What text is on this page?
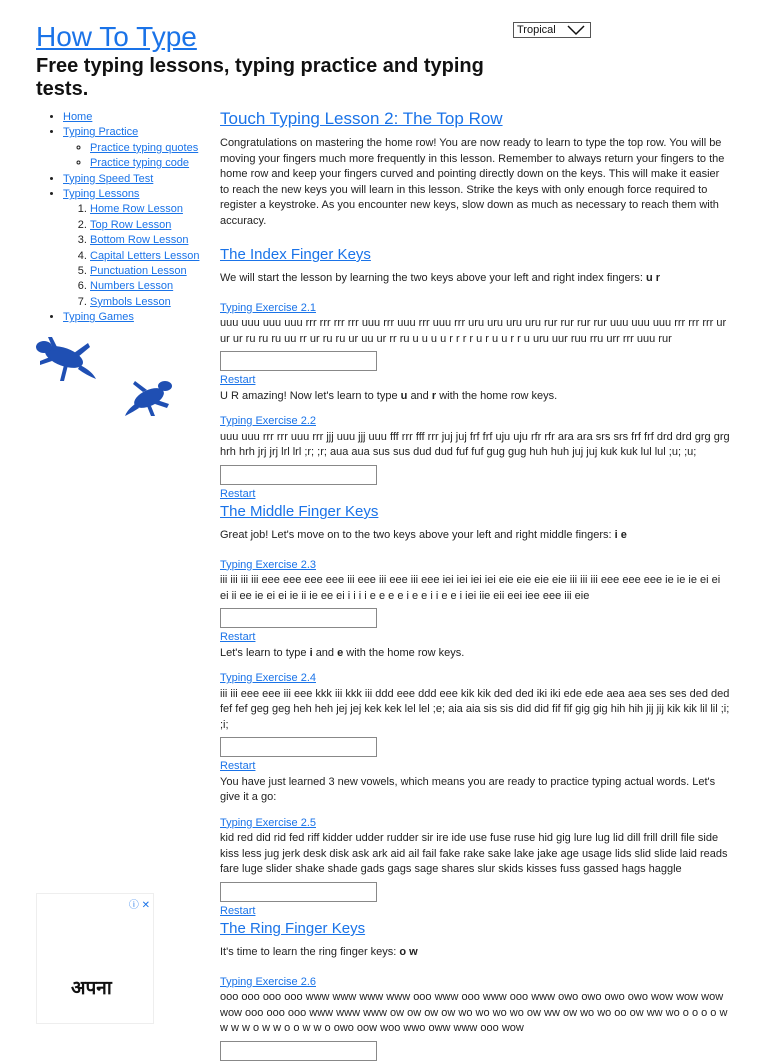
How To Type

Free typing lessons, typing practice and typing tests.

Tropical
• Home
• Typing Practice
◦ Practice typing quotes
◦ Practice typing code
• Typing Speed Test
• Typing Lessons
1. Home Row Lesson
2. Top Row Lesson
3. Bottom Row Lesson
4. Capital Letters Lesson
5. Punctuation Lesson
6. Numbers Lesson
7. Symbols Lesson
• Typing Games
ⓘ ✕
अपना
Touch Typing Lesson 2: The Top Row

Congratulations on mastering the home row! You are now ready to learn to type the top row. You will be moving your fingers much more frequently in this lesson. Remember to always return your fingers to the home row and keep your fingers curved and pointing directly down on the keys. This will make it easier to reach the new keys you will learn in this lesson. Strike the keys with only enough force required to register a keystroke. As you encounter new keys, slow down as much as necessary to reach them with accuracy.

The Index Finger Keys

We will start the lesson by learning the two keys above your left and right index fingers: u r

Typing Exercise 2.1
uuu uuu uuu uuu rrr rrr rrr rrr uuu rrr uuu rrr uuu rrr uru uru uru uru rur rur rur rur uuu uuu uuu rrr rrr rrr ur ur ur ru ru ru uu rr ur ru ru ur uu ur rr ru u u u u r r r r u r u u r r u uru uur ruu rru urr rrr uuu rur
Restart

U R amazing! Now let's learn to type u and r with the home row keys.

Typing Exercise 2.2
uuu uuu rrr rrr uuu rrr jjj uuu jjj uuu fff rrr fff rrr juj juj frf frf uju uju rfr rfr ara ara srs srs frf frf drd drd grg grg hrh hrh jrj jrj lrl lrl ;r; ;r; aua aua sus sus dud dud fuf fuf gug gug huh huh juj juj kuk kuk lul lul ;u; ;u;
Restart
The Middle Finger Keys

Great job! Let's move on to the two keys above your left and right middle fingers: i e

Typing Exercise 2.3
iii iii iii iii eee eee eee eee iii eee iii eee iii eee iei iei iei iei eie eie eie eie iii iii iii eee eee eee ie ie ie ei ei ei ii ee ie ei ei ie ii ie ee ei i i i i e e e e i e e i i e e i iei iie eii eei iee eee iii eie
Restart

Let's learn to type i and e with the home row keys.

Typing Exercise 2.4
iii iii eee eee iii eee kkk iii kkk iii ddd eee ddd eee kik kik ded ded iki iki ede ede aea aea ses ses ded ded fef fef geg geg heh heh jej jej kek kek lel lel ;e; aia aia sis sis did did fif fif gig gig hih hih jij jij kik kik lil lil ;i; ;i;
Restart

You have just learned 3 new vowels, which means you are ready to practice typing actual words. Let's give it a go:

Typing Exercise 2.5
kid red did rid fed riff kidder udder rudder sir ire ide use fuse ruse hid gig lure lug lid dill frill drill file side kiss less jug jerk desk disk ask ark aid ail fail fake rake sake lake jake age usage lids slid slide laid reads fare luge slider shake shade gads gags sage shares slur skids kisses fuss gassed hags haggle
Restart
The Ring Finger Keys

It's time to learn the ring finger keys: o w

Typing Exercise 2.6
ooo ooo ooo ooo www www www www ooo www ooo www ooo www owo owo owo owo wow wow wow wow ooo ooo ooo www www www ow ow ow ow wo wo wo wo ow ww ow wo wo oo ow ww wo o o o o w w w w o w w o o w w o owo oow woo wwo oww www ooo wow
